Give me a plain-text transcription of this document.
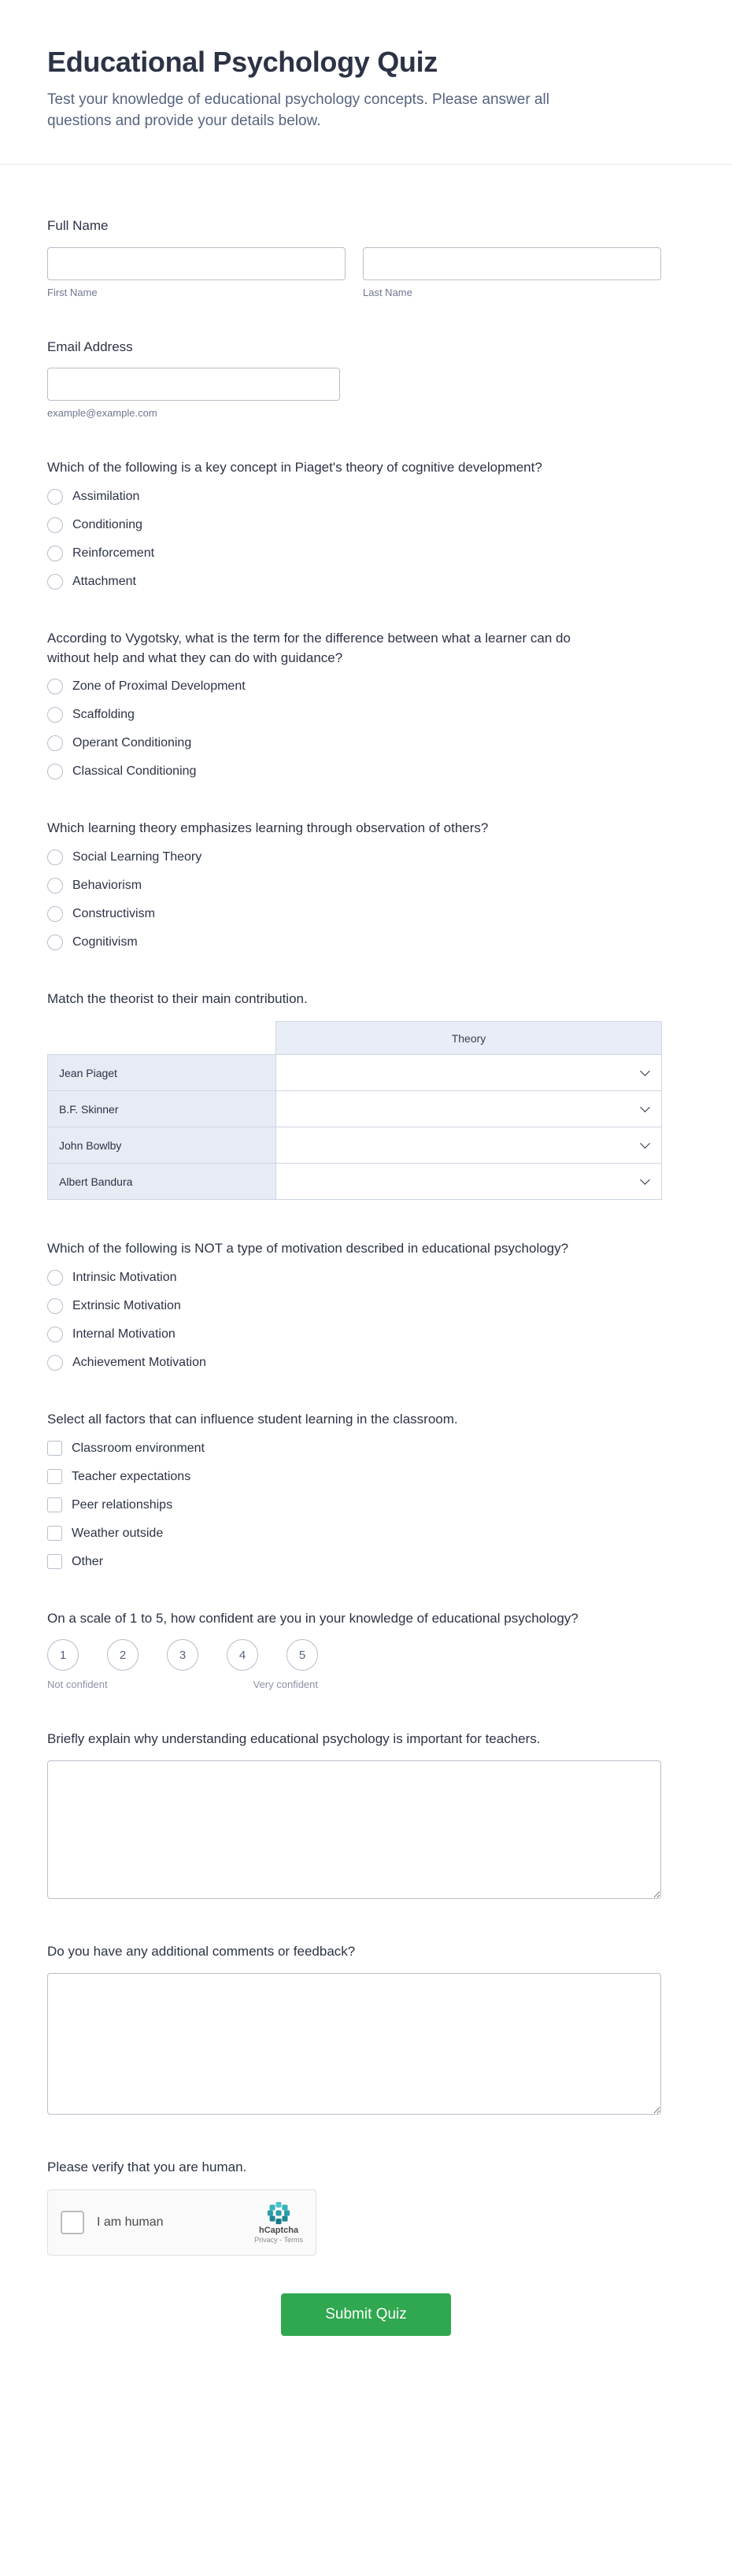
Educational Psychology Quiz
Test your knowledge of educational psychology concepts. Please answer all questions and provide your details below.
Full Name
First Name	Last Name
Email Address
example@example.com
Which of the following is a key concept in Piaget's theory of cognitive development?
Assimilation
Conditioning
Reinforcement
Attachment
According to Vygotsky, what is the term for the difference between what a learner can do without help and what they can do with guidance?
Zone of Proximal Development
Scaffolding
Operant Conditioning
Classical Conditioning
Which learning theory emphasizes learning through observation of others?
Social Learning Theory
Behaviorism
Constructivism
Cognitivism
Match the theorist to their main contribution.
	Theory
Jean Piaget	

B.F. Skinner	

John Bowlby	

Albert Bandura	
Which of the following is NOT a type of motivation described in educational psychology?
Intrinsic Motivation
Extrinsic Motivation
Internal Motivation
Achievement Motivation
Select all factors that can influence student learning in the classroom.
Classroom environment
Teacher expectations
Peer relationships
Weather outside
Other
On a scale of 1 to 5, how confident are you in your knowledge of educational psychology?
1	2	3	4	5
Not confident	Very confident
Briefly explain why understanding educational psychology is important for teachers.
Do you have any additional comments or feedback?
Please verify that you are human.
I am human
hCaptcha
Privacy - Terms
Submit Quiz
